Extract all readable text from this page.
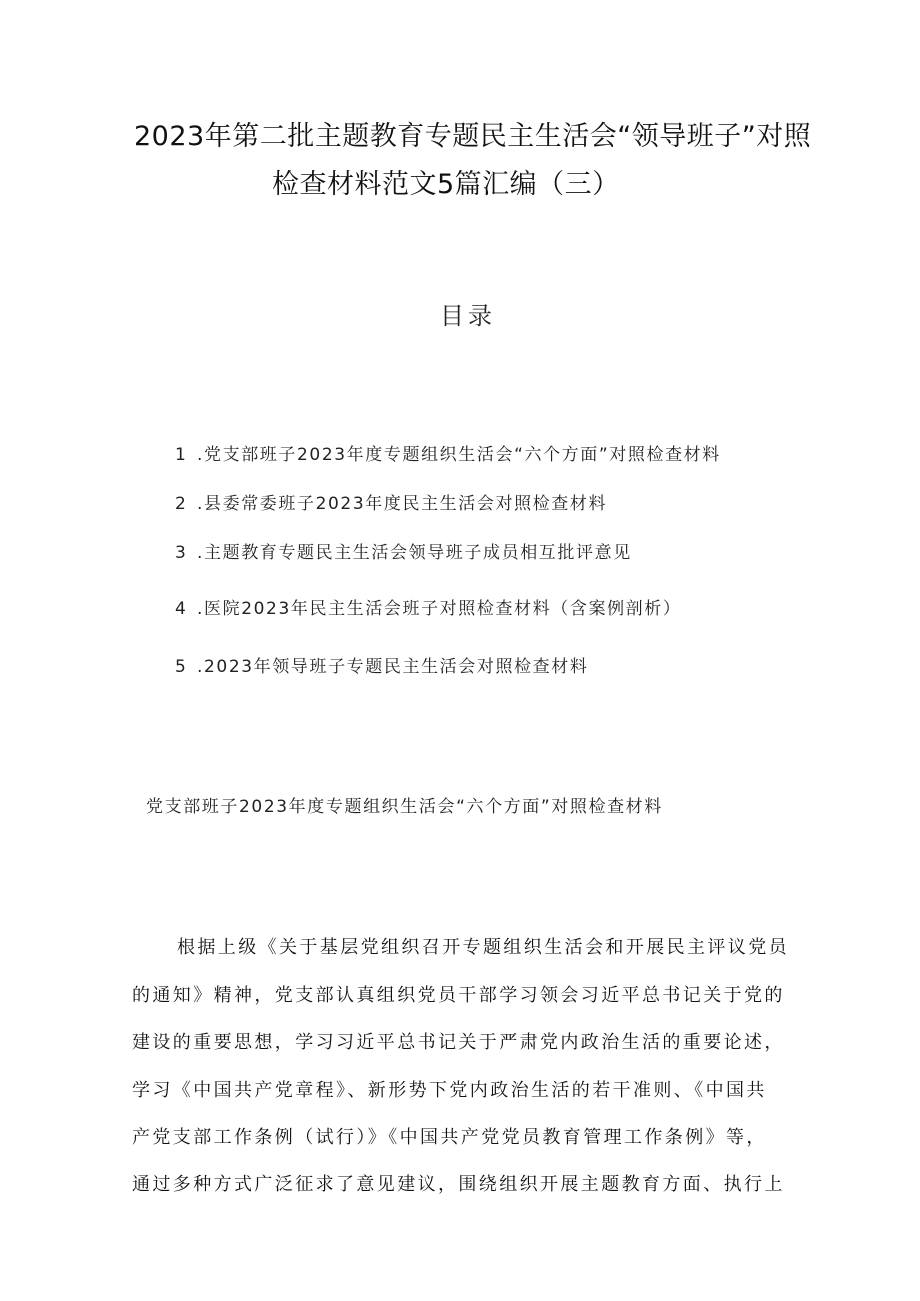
2023年第二批主题教育专题民主生活会“领导班子”对照
检查材料范文5篇汇编（三）
目录
1 .党支部班子2023年度专题组织生活会“六个方面”对照检查材料
2 .县委常委班子2023年度民主生活会对照检查材料
3 .主题教育专题民主生活会领导班子成员相互批评意见
4 .医院2023年民主生活会班子对照检查材料（含案例剖析）
5 .2023年领导班子专题民主生活会对照检查材料
党支部班子2023年度专题组织生活会“六个方面”对照检查材料
根据上级《关于基层党组织召开专题组织生活会和开展民主评议党员
的通知》精神，党支部认真组织党员干部学习领会习近平总书记关于党的
建设的重要思想，学习习近平总书记关于严肃党内政治生活的重要论述，
学习《中国共产党章程》、新形势下党内政治生活的若干准则、《中国共
产党支部工作条例（试行）》《中国共产党党员教育管理工作条例》等，
通过多种方式广泛征求了意见建议，围绕组织开展主题教育方面、执行上
